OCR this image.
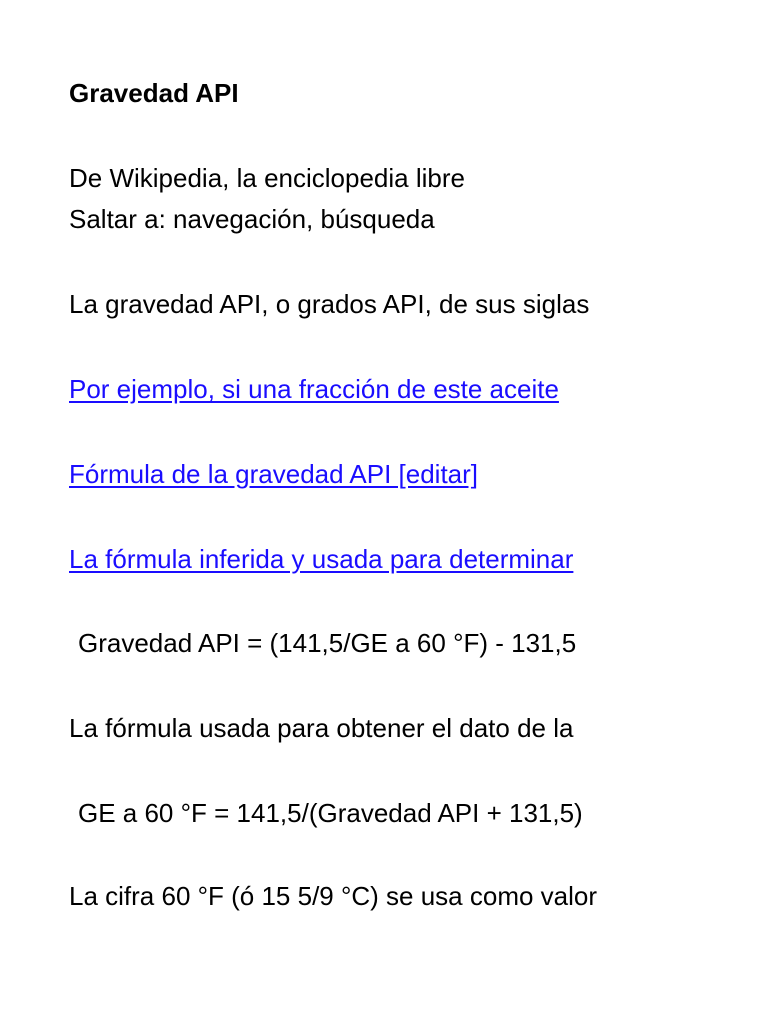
Gravedad API
De Wikipedia, la enciclopedia libre
Saltar a: navegación, búsqueda
La gravedad API, o grados API, de sus siglas
Por ejemplo, si una fracción de este aceite
Fórmula de la gravedad API [editar]
La fórmula inferida y usada para determinar
Gravedad API = (141,5/GE a 60 °F) - 131,5
La fórmula usada para obtener el dato de la
GE a 60 °F = 141,5/(Gravedad API + 131,5)
La cifra 60 °F (ó 15 5/9 °C) se usa como valor
